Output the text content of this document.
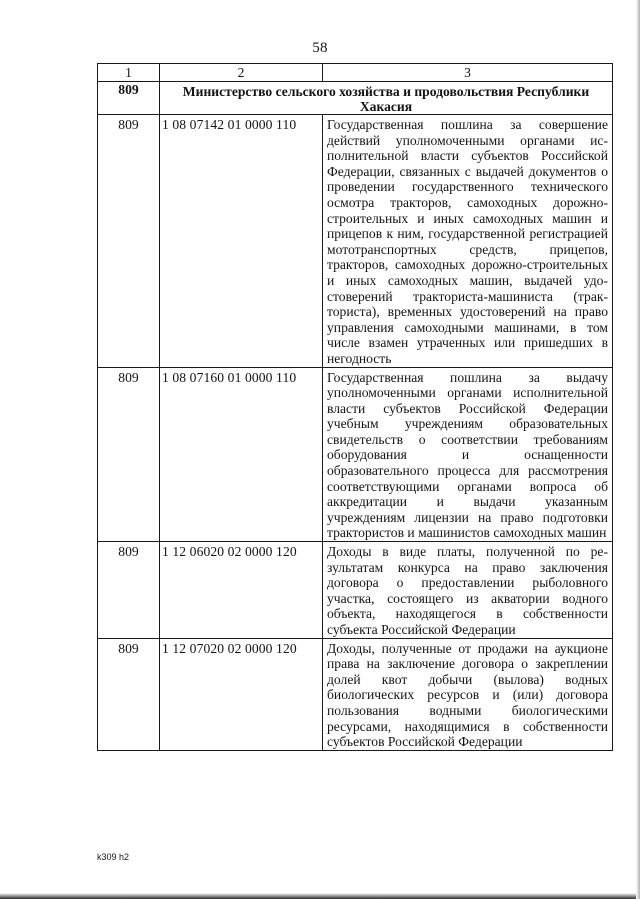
58
1	2	3
809	Министерство сельского хозяйства и продовольствия Республики Хакасия	
809	1 08 07142 01 0000 110	Государственная пошлина за совершение действий уполномоченными органами исполнительной власти субъектов Российской Федерации, связанных с выдачей документов о проведении государственного технического осмотра тракторов, самоходных дорожно-строительных и иных самоходных машин и прицепов к ним, государственной регистрацией мототранспортных средств, прицепов, тракторов, самоходных дорожно-строительных и иных самоходных машин, выдачей удостоверений тракториста-машиниста (тракториста), временных удостоверений на право управления самоходными машинами, в том числе взамен утраченных или пришедших в негодность
809	1 08 07160 01 0000 110	Государственная пошлина за выдачу уполномоченными органами исполнительной власти субъектов Российской Федерации учебным учреждениям образовательных свидетельств о соответствии требованиям оборудования и оснащенности образовательного процесса для рассмотрения соответствующими органами вопроса об аккредитации и выдачи указанным учреждениям лицензии на право подготовки трактористов и машинистов самоходных машин
809	1 12 06020 02 0000 120	Доходы в виде платы, полученной по результатам конкурса на право заключения договора о предоставлении рыболовного участка, состоящего из акватории водного объекта, находящегося в собственности субъекта Российской Федерации
809	1 12 07020 02 0000 120	Доходы, полученные от продажи на аукционе права на заключение договора о закреплении долей квот добычи (вылова) водных биологических ресурсов и (или) договора пользования водными биологическими ресурсами, находящимися в собственности субъектов Российской Федерации
k309 h2
